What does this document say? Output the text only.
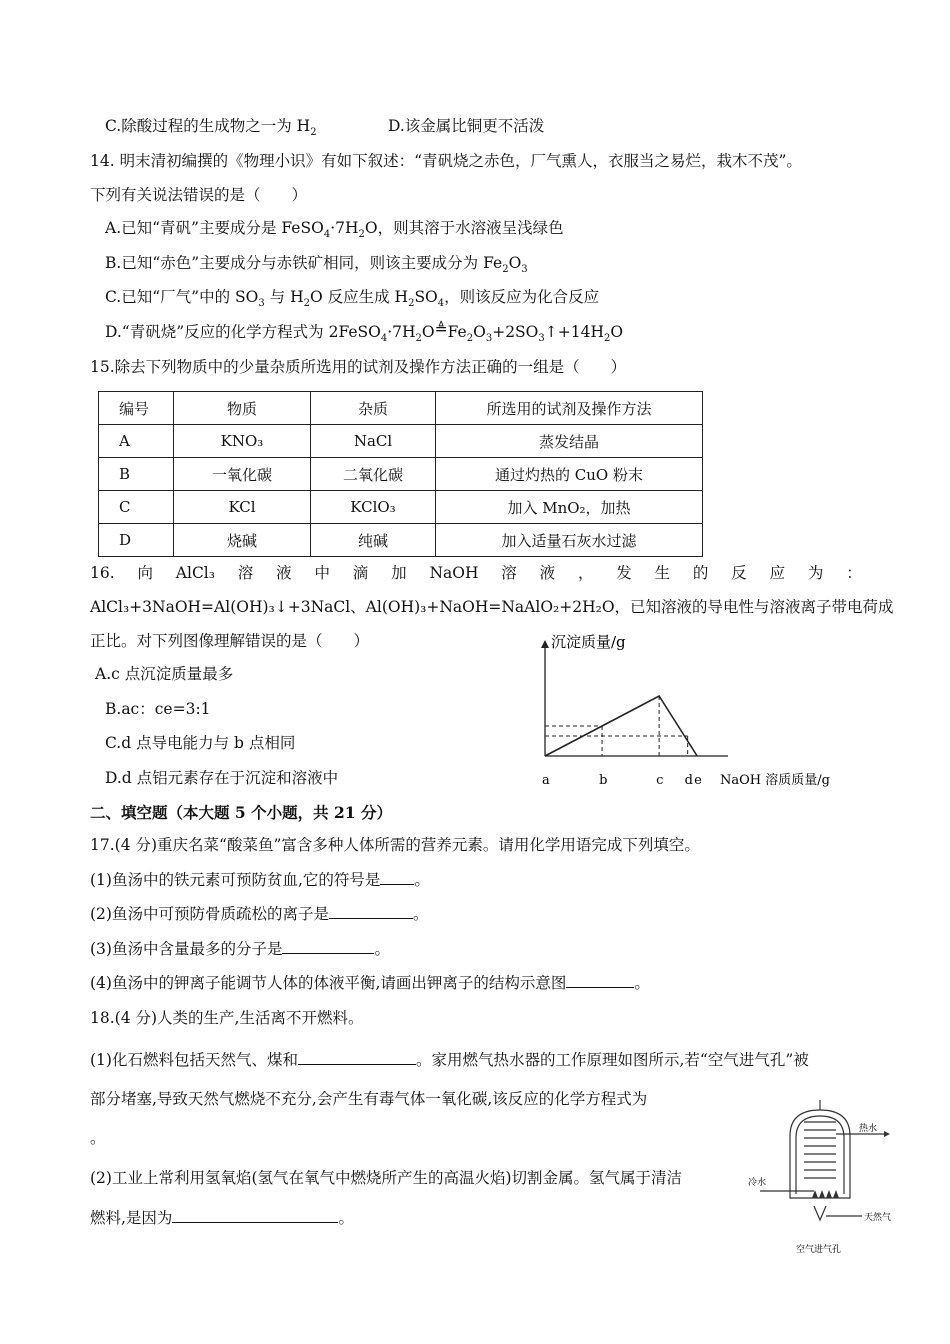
C.除酸过程的生成物之一为 $H_2$	D.该金属比铜更不活泼
14. 明末清初编撰的《物理小识》有如下叙述：“青矾烧之赤色，厂气熏人，衣服当之易烂，栽木不茂”。
下列有关说法错误的是（　　）
A.已知“青矾”主要成分是 $FeSO_4\cdot 7H_2O$，则其溶于水溶液呈浅绿色
B.已知“赤色”主要成分与赤铁矿相同，则该主要成分为 $Fe_2O_3$
C.已知“厂气”中的 $SO_3$ 与 $H_2O$ 反应生成 $H_2SO_4$，则该反应为化合反应
D.“青矾烧”反应的化学方程式为 $2FeSO_4\cdot 7H_2O≜Fe_2O_3+2SO_3↑+14H_2O$
15.除去下列物质中的少量杂质所选用的试剂及操作方法正确的一组是（　　）
编号	物质	杂质	所选用的试剂及操作方法
A	KNO₃	NaCl	蒸发结晶
B	一氧化碳	二氧化碳	通过灼热的 CuO 粉末
C	KCl	KClO₃	加入 MnO₂，加热
D	烧碱	纯碱	加入适量石灰水过滤
16. 向 AlCl₃ 溶 液 中 滴 加 NaOH 溶 液 ， 发 生 的 反 应 为 ：
AlCl₃+3NaOH=Al(OH)₃↓+3NaCl、Al(OH)₃+NaOH=NaAlO₂+2H₂O，已知溶液的导电性与溶液离子带电荷成
正比。对下列图像理解错误的是（　　）
A.c 点沉淀质量最多
B.ac：ce=3:1
C.d 点导电能力与 b 点相同
D.d 点铝元素存在于沉淀和溶液中
沉淀质量/g
a	b	c d e NaOH 溶质质量/g
二、填空题（本大题 5 个小题，共 21 分）
17.(4 分)重庆名菜“酸菜鱼”富含多种人体所需的营养元素。请用化学用语完成下列填空。
(1)鱼汤中的铁元素可预防贫血,它的符号是 。
(2)鱼汤中可预防骨质疏松的离子是	。
(3)鱼汤中含量最多的分子是	。
(4)鱼汤中的钾离子能调节人体的体液平衡,请画出钾离子的结构示意图	。
18.(4 分)人类的生产,生活离不开燃料。
(1)化石燃料包括天然气、煤和	。家用燃气热水器的工作原理如图所示,若“空气进气孔”被
部分堵塞,导致天然气燃烧不充分,会产生有毒气体一氧化碳,该反应的化学方程式为
。
(2)工业上常利用氢氧焰(氢气在氧气中燃烧所产生的高温火焰)切割金属。氢气属于清洁
燃料,是因为	。
热水
冷水
天然气
空气进气孔
